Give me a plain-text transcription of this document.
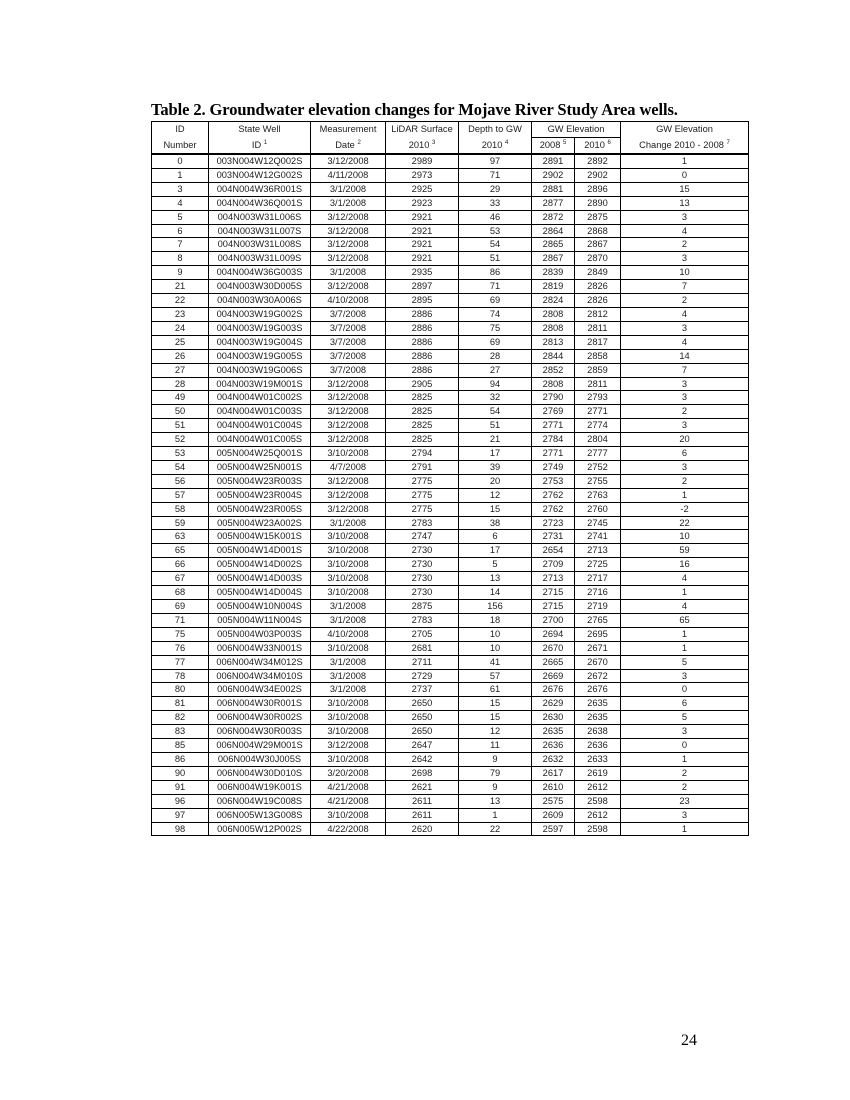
Table 2. Groundwater elevation changes for Mojave River Study Area wells.
ID	State Well	Measurement	LiDAR Surface	Depth to GW	GW Elevation		GW Elevation
Number	ID $^1$	Date $^2$	2010 $^3$	2010 $^4$	2008 $^5$	2010 $^6$	Change 2010 - 2008 $^7$
0	003N004W12Q002S	3/12/2008	2989	97	2891	2892	1
1	003N004W12G002S	4/11/2008	2973	71	2902	2902	0
3	004N004W36R001S	3/1/2008	2925	29	2881	2896	15
4	004N004W36Q001S	3/1/2008	2923	33	2877	2890	13
5	004N003W31L006S	3/12/2008	2921	46	2872	2875	3
6	004N003W31L007S	3/12/2008	2921	53	2864	2868	4
7	004N003W31L008S	3/12/2008	2921	54	2865	2867	2
8	004N003W31L009S	3/12/2008	2921	51	2867	2870	3
9	004N004W36G003S	3/1/2008	2935	86	2839	2849	10
21	004N003W30D005S	3/12/2008	2897	71	2819	2826	7
22	004N003W30A006S	4/10/2008	2895	69	2824	2826	2
23	004N003W19G002S	3/7/2008	2886	74	2808	2812	4
24	004N003W19G003S	3/7/2008	2886	75	2808	2811	3
25	004N003W19G004S	3/7/2008	2886	69	2813	2817	4
26	004N003W19G005S	3/7/2008	2886	28	2844	2858	14
27	004N003W19G006S	3/7/2008	2886	27	2852	2859	7
28	004N003W19M001S	3/12/2008	2905	94	2808	2811	3
49	004N004W01C002S	3/12/2008	2825	32	2790	2793	3
50	004N004W01C003S	3/12/2008	2825	54	2769	2771	2
51	004N004W01C004S	3/12/2008	2825	51	2771	2774	3
52	004N004W01C005S	3/12/2008	2825	21	2784	2804	20
53	005N004W25Q001S	3/10/2008	2794	17	2771	2777	6
54	005N004W25N001S	4/7/2008	2791	39	2749	2752	3
56	005N004W23R003S	3/12/2008	2775	20	2753	2755	2
57	005N004W23R004S	3/12/2008	2775	12	2762	2763	1
58	005N004W23R005S	3/12/2008	2775	15	2762	2760	-2
59	005N004W23A002S	3/1/2008	2783	38	2723	2745	22
63	005N004W15K001S	3/10/2008	2747	6	2731	2741	10
65	005N004W14D001S	3/10/2008	2730	17	2654	2713	59
66	005N004W14D002S	3/10/2008	2730	5	2709	2725	16
67	005N004W14D003S	3/10/2008	2730	13	2713	2717	4
68	005N004W14D004S	3/10/2008	2730	14	2715	2716	1
69	005N004W10N004S	3/1/2008	2875	156	2715	2719	4
71	005N004W11N004S	3/1/2008	2783	18	2700	2765	65
75	005N004W03P003S	4/10/2008	2705	10	2694	2695	1
76	006N004W33N001S	3/10/2008	2681	10	2670	2671	1
77	006N004W34M012S	3/1/2008	2711	41	2665	2670	5
78	006N004W34M010S	3/1/2008	2729	57	2669	2672	3
80	006N004W34E002S	3/1/2008	2737	61	2676	2676	0
81	006N004W30R001S	3/10/2008	2650	15	2629	2635	6
82	006N004W30R002S	3/10/2008	2650	15	2630	2635	5
83	006N004W30R003S	3/10/2008	2650	12	2635	2638	3
85	006N004W29M001S	3/12/2008	2647	11	2636	2636	0
86	006N004W30J005S	3/10/2008	2642	9	2632	2633	1
90	006N004W30D010S	3/20/2008	2698	79	2617	2619	2
91	006N004W19K001S	4/21/2008	2621	9	2610	2612	2
96	006N004W19C008S	4/21/2008	2611	13	2575	2598	23
97	006N005W13G008S	3/10/2008	2611	1	2609	2612	3
98	006N005W12P002S	4/22/2008	2620	22	2597	2598	1
24
